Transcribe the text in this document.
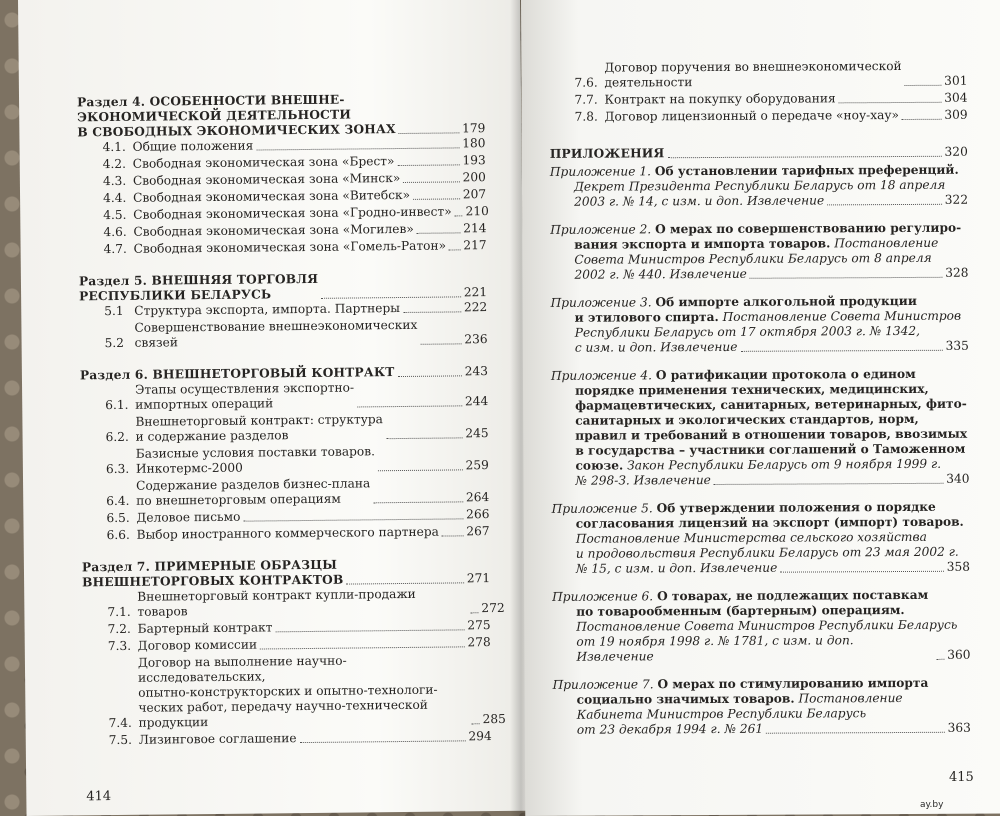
Раздел 4. ОСОБЕННОСТИ ВНЕШНЕ-
ЭКОНОМИЧЕСКОЙ ДЕЯТЕЛЬНОСТИ
В СВОБОДНЫХ ЭКОНОМИЧЕСКИХ ЗОНАХ	179
4.1. Общие положения	180
4.2. Свободная экономическая зона «Брест»	193
4.3. Свободная экономическая зона «Минск»	200
4.4. Свободная экономическая зона «Витебск»	207
4.5. Свободная экономическая зона «Гродно-инвест» 210
4.6. Свободная экономическая зона «Могилев»	214
4.7. Свободная экономическая зона «Гомель-Ратон» 217
Раздел 5. ВНЕШНЯЯ ТОРГОВЛЯ
РЕСПУБЛИКИ БЕЛАРУСЬ	221
5.1 Структура экспорта, импорта. Партнеры	222
5.2
Совершенствование внешнеэкономических
связей	236
Раздел 6. ВНЕШНЕТОРГОВЫЙ КОНТРАКТ	243
6.1.
Этапы осуществления экспортно-
импортных операций	244
6.2.
Внешнеторговый контракт: структура
и содержание разделов	245
6.3.
Базисные условия поставки товаров.
Инкотермс-2000	259
6.4.
Содержание разделов бизнес-плана
по внешнеторговым операциям	264
6.5. Деловое письмо	266
6.6. Выбор иностранного коммерческого партнера 267
Раздел 7. ПРИМЕРНЫЕ ОБРАЗЦЫ
ВНЕШНЕТОРГОВЫХ КОНТРАКТОВ	271
7.1.
Внешнеторговый контракт купли-продажи товаров	272
7.2. Бартерный контракт	275
7.3. Договор комиссии	278
7.4.
Договор на выполнение научно-исследовательских,
опытно-конструкторских и опытно-технологи-
ческих работ, передачу научно-технической
продукции	285
7.5. Лизинговое соглашение	294
414
7.6.
Договор поручения во внешнеэкономической
деятельности	301
7.7. Контракт на покупку оборудования	304
7.8. Договор лицензионный о передаче «ноу-хау»	309
ПРИЛОЖЕНИЯ	320
Приложение 1. Об установлении тарифных преференций.
Декрет Президента Республики Беларусь от 18 апреля
2003 г. № 14, с изм. и доп. Извлечение	322
Приложение 2. О мерах по совершенствованию регулиро-
вания экспорта и импорта товаров. Постановление
Совета Министров Республики Беларусь от 8 апреля
2002 г. № 440. Извлечение	328
Приложение 3. Об импорте алкогольной продукции
и этилового спирта. Постановление Совета Министров
Республики Беларусь от 17 октября 2003 г. № 1342,
с изм. и доп. Извлечение	335
Приложение 4. О ратификации протокола о едином
порядке применения технических, медицинских,
фармацевтических, санитарных, ветеринарных, фито-
санитарных и экологических стандартов, норм,
правил и требований в отношении товаров, ввозимых
в государства – участники соглашений о Таможенном
союзе. Закон Республики Беларусь от 9 ноября 1999 г.
№ 298-З. Извлечение	340
Приложение 5. Об утверждении положения о порядке
согласования лицензий на экспорт (импорт) товаров.
Постановление Министерства сельского хозяйства
и продовольствия Республики Беларусь от 23 мая 2002 г.
№ 15, с изм. и доп. Извлечение	358
Приложение 6. О товарах, не подлежащих поставкам
по товарообменным (бартерным) операциям.
Постановление Совета Министров Республики Беларусь
от 19 ноября 1998 г. № 1781, с изм. и доп. Извлечение	360
Приложение 7. О мерах по стимулированию импорта
социально значимых товаров. Постановление
Кабинета Министров Республики Беларусь
от 23 декабря 1994 г. № 261	363
415
ay.by
